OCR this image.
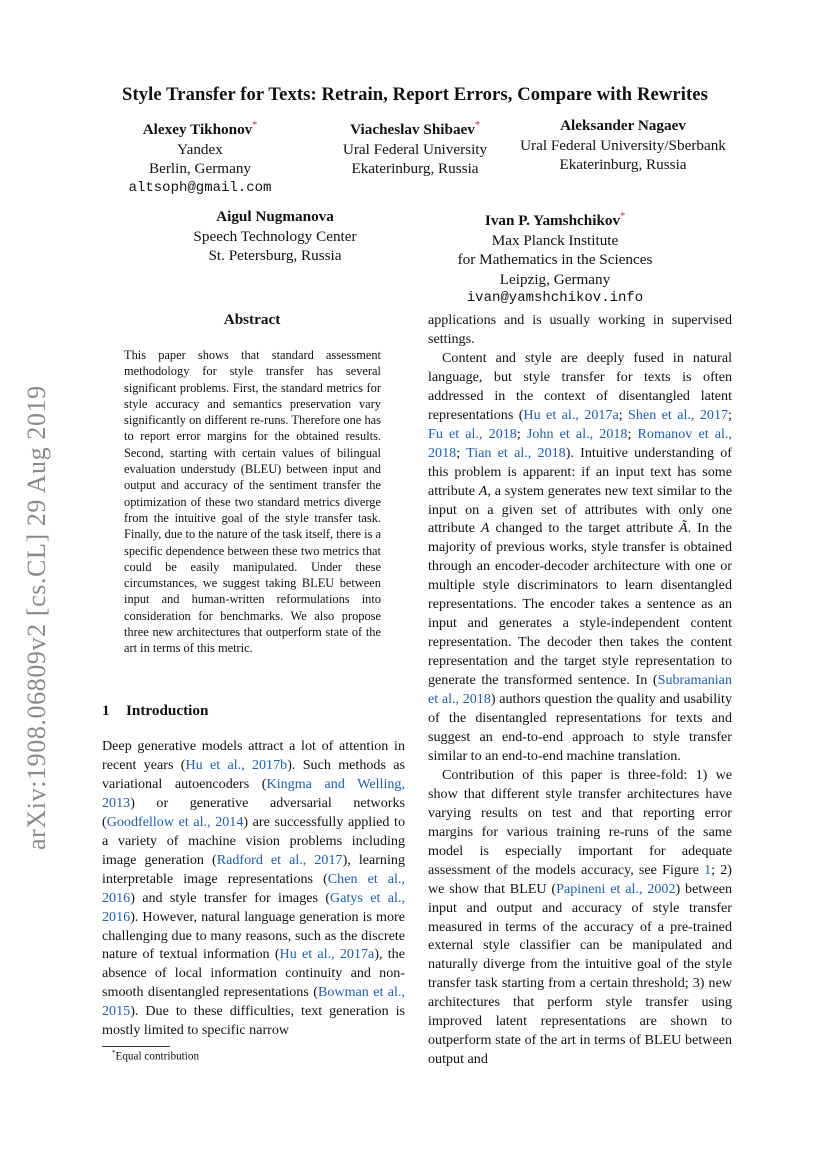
arXiv:1908.06809v2 [cs.CL] 29 Aug 2019
Style Transfer for Texts: Retrain, Report Errors, Compare with Rewrites
Alexey Tikhonov*
Yandex
Berlin, Germany
altsoph@gmail.com
Viacheslav Shibaev*
Ural Federal University
Ekaterinburg, Russia
Aleksander Nagaev
Ural Federal University/Sberbank
Ekaterinburg, Russia
Aigul Nugmanova
Speech Technology Center
St. Petersburg, Russia
Ivan P. Yamshchikov*
Max Planck Institute
for Mathematics in the Sciences
Leipzig, Germany
ivan@yamshchikov.info
Abstract
This paper shows that standard assessment methodology for style transfer has several significant problems. First, the standard metrics for style accuracy and semantics preservation vary significantly on different re-runs. Therefore one has to report error margins for the obtained results. Second, starting with certain values of bilingual evaluation understudy (BLEU) between input and output and accuracy of the sentiment transfer the optimization of these two standard metrics diverge from the intuitive goal of the style transfer task. Finally, due to the nature of the task itself, there is a specific dependence between these two metrics that could be easily manipulated. Under these circumstances, we suggest taking BLEU between input and human-written reformulations into consideration for benchmarks. We also propose three new architectures that outperform state of the art in terms of this metric.
1 Introduction

Deep generative models attract a lot of attention in recent years (Hu et al., 2017b). Such methods as variational autoencoders (Kingma and Welling, 2013) or generative adversarial networks (Goodfellow et al., 2014) are successfully applied to a variety of machine vision problems including image generation (Radford et al., 2017), learning interpretable image representations (Chen et al., 2016) and style transfer for images (Gatys et al., 2016). However, natural language generation is more challenging due to many reasons, such as the discrete nature of textual information (Hu et al., 2017a), the absence of local information continuity and non-smooth disentangled representations (Bowman et al., 2015). Due to these difficulties, text generation is mostly limited to specific narrow

applications and is usually working in supervised settings.

Content and style are deeply fused in natural language, but style transfer for texts is often addressed in the context of disentangled latent representations (Hu et al., 2017a; Shen et al., 2017; Fu et al., 2018; John et al., 2018; Romanov et al., 2018; Tian et al., 2018). Intuitive understanding of this problem is apparent: if an input text has some attribute A, a system generates new text similar to the input on a given set of attributes with only one attribute A changed to the target attribute Ã. In the majority of previous works, style transfer is obtained through an encoder-decoder architecture with one or multiple style discriminators to learn disentangled representations. The encoder takes a sentence as an input and generates a style-independent content representation. The decoder then takes the content representation and the target style representation to generate the transformed sentence. In (Subramanian et al., 2018) authors question the quality and usability of the disentangled representations for texts and suggest an end-to-end approach to style transfer similar to an end-to-end machine translation.

Contribution of this paper is three-fold: 1) we show that different style transfer architectures have varying results on test and that reporting error margins for various training re-runs of the same model is especially important for adequate assessment of the models accuracy, see Figure 1; 2) we show that BLEU (Papineni et al., 2002) between input and output and accuracy of style transfer measured in terms of the accuracy of a pre-trained external style classifier can be manipulated and naturally diverge from the intuitive goal of the style transfer task starting from a certain threshold; 3) new architectures that perform style transfer using improved latent representations are shown to outperform state of the art in terms of BLEU between output and

*Equal contribution
